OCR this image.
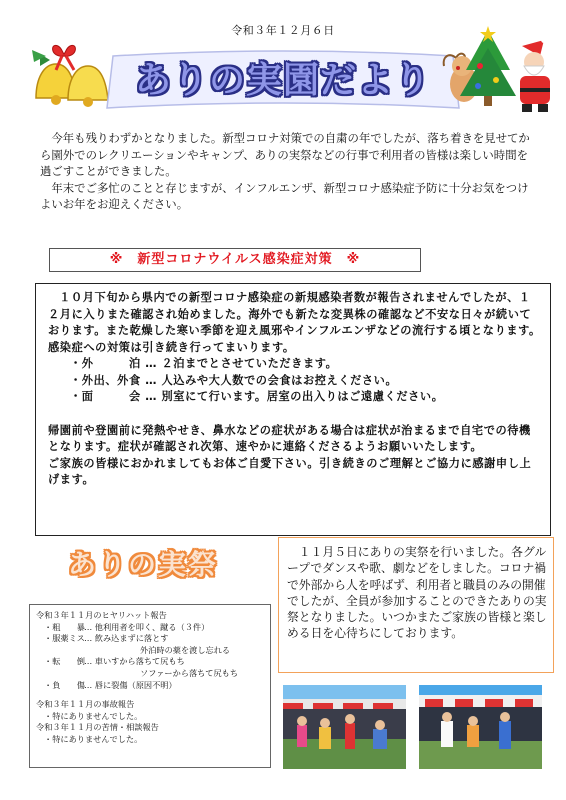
令和３年１２月６日
ありの実園だより

今年も残りわずかとなりました。新型コロナ対策での自粛の年でしたが、落ち着きを見せてから園外でのレクリエーションやキャンプ、ありの実祭などの行事で利用者の皆様は楽しい時間を過ごすことができました。

年末でご多忙のことと存じますが、インフルエンザ、新型コロナ感染症予防に十分お気をつけよいお年をお迎えください。

※　新型コロナウイルス感染症対策　※

１０月下旬から県内での新型コロナ感染症の新規感染者数が報告されませんでしたが、１２月に入りまた確認され始めました。海外でも新たな変異株の確認など不安な日々が続いております。また乾燥した寒い季節を迎え風邪やインフルエンザなどの流行する頃となります。感染症への対策は引き続き行ってまいります。

・外　　　泊 … ２泊までとさせていただきます。
・外出、外食 … 人込みや大人数での会食はお控えください。
・面　　　会 … 別室にて行います。居室の出入りはご遠慮ください。

帰園前や登園前に発熱やせき、鼻水などの症状がある場合は症状が治まるまで自宅での待機となります。症状が確認され次第、速やかに連絡くださるようお願いいたします。

ご家族の皆様におかれましてもお体ご自愛下さい。引き続きのご理解とご協力に感謝申し上げます。

ありの実祭	１１月５日にありの実祭を行いました。各グループでダンスや歌、劇などをしました。コロナ禍で外部から人を呼ばず、利用者と職員のみの開催でしたが、全員が参加することのできたありの実祭となりました。いつかまたご家族の皆様と楽しめる日を心待ちにしております。

令和３年１１月のヒヤリハット報告
・粗　　暴 … 他利用者を叩く、蹴る（３件）
・服薬ミス … 飲み込まずに落とす
外泊時の薬を渡し忘れる
・転　　倒 … 車いすから落ちて尻もち
ソファーから落ちて尻もち
・負　　傷 … 唇に裂傷（原因不明）
令和３年１１月の事故報告
・特にありませんでした。
令和３年１１月の苦情・相談報告
・特にありませんでした。
